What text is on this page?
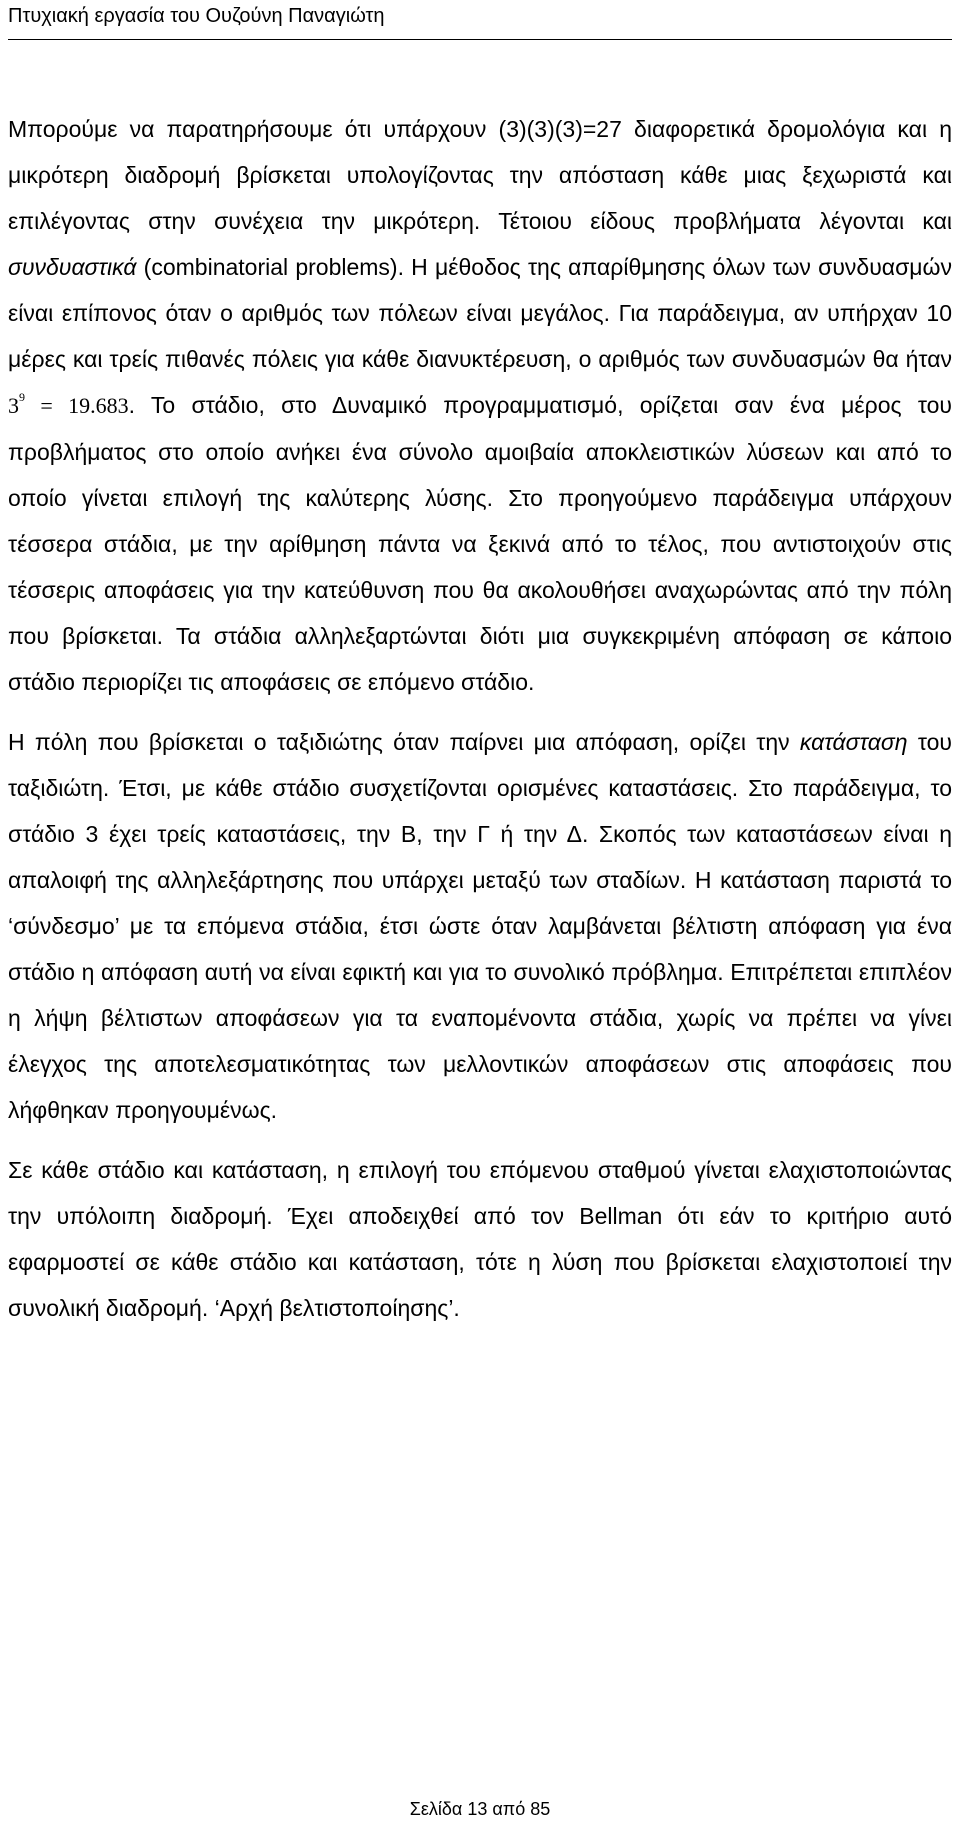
Πτυχιακή εργασία του Ουζούνη Παναγιώτη

Μπορούμε να παρατηρήσουμε ότι υπάρχουν (3)(3)(3)=27 διαφορετικά δρομολόγια και η μικρότερη διαδρομή βρίσκεται υπολογίζοντας την απόσταση κάθε μιας ξεχωριστά και επιλέγοντας στην συνέχεια την μικρότερη. Τέτοιου είδους προβλήματα λέγονται και συνδυαστικά (combinatorial problems). Η μέθοδος της απαρίθμησης όλων των συνδυασμών είναι επίπονος όταν ο αριθμός των πόλεων είναι μεγάλος. Για παράδειγμα, αν υπήρχαν 10 μέρες και τρείς πιθανές πόλεις για κάθε διανυκτέρευση, ο αριθμός των συνδυασμών θα ήταν $3^9 = 19.683$. Το στάδιο, στο Δυναμικό προγραμματισμό, ορίζεται σαν ένα μέρος του προβλήματος στο οποίο ανήκει ένα σύνολο αμοιβαία αποκλειστικών λύσεων και από το οποίο γίνεται επιλογή της καλύτερης λύσης. Στο προηγούμενο παράδειγμα υπάρχουν τέσσερα στάδια, με την αρίθμηση πάντα να ξεκινά από το τέλος, που αντιστοιχούν στις τέσσερις αποφάσεις για την κατεύθυνση που θα ακολουθήσει αναχωρώντας από την πόλη που βρίσκεται. Τα στάδια αλληλεξαρτώνται διότι μια συγκεκριμένη απόφαση σε κάποιο στάδιο περιορίζει τις αποφάσεις σε επόμενο στάδιο.

Η πόλη που βρίσκεται ο ταξιδιώτης όταν παίρνει μια απόφαση, ορίζει την κατάσταση του ταξιδιώτη. Έτσι, με κάθε στάδιο συσχετίζονται ορισμένες καταστάσεις. Στο παράδειγμα, το στάδιο 3 έχει τρείς καταστάσεις, την Β, την Γ ή την Δ. Σκοπός των καταστάσεων είναι η απαλοιφή της αλληλεξάρτησης που υπάρχει μεταξύ των σταδίων. Η κατάσταση παριστά το ‘σύνδεσμο’ με τα επόμενα στάδια, έτσι ώστε όταν λαμβάνεται βέλτιστη απόφαση για ένα στάδιο η απόφαση αυτή να είναι εφικτή και για το συνολικό πρόβλημα. Επιτρέπεται επιπλέον η λήψη βέλτιστων αποφάσεων για τα εναπομένοντα στάδια, χωρίς να πρέπει να γίνει έλεγχος της αποτελεσματικότητας των μελλοντικών αποφάσεων στις αποφάσεις που λήφθηκαν προηγουμένως.

Σε κάθε στάδιο και κατάσταση, η επιλογή του επόμενου σταθμού γίνεται ελαχιστοποιώντας την υπόλοιπη διαδρομή. Έχει αποδειχθεί από τον Bellman ότι εάν το κριτήριο αυτό εφαρμοστεί σε κάθε στάδιο και κατάσταση, τότε η λύση που βρίσκεται ελαχιστοποιεί την συνολική διαδρομή. ‘Αρχή βελτιστοποίησης’.

Σελίδα 13 από 85
